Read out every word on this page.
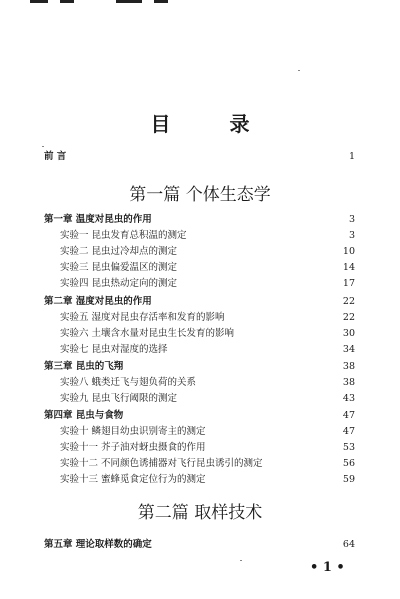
目 录
第一篇 个体生态学
第二篇 取样技术
前 言	1
第一章 温度对昆虫的作用	3
实验一 昆虫发育总积温的测定	3
实验二 昆虫过冷却点的测定	10
实验三 昆虫偏爱温区的测定	14
实验四 昆虫热动定向的测定	17
第二章 湿度对昆虫的作用	22
实验五 湿度对昆虫存活率和发育的影响	22
实验六 土壤含水量对昆虫生长发育的影响	30
实验七 昆虫对湿度的选择	34
第三章 昆虫的飞翔	38
实验八 蛾类迁飞与翅负荷的关系	38
实验九 昆虫飞行阈限的测定	43
第四章 昆虫与食物	47
实验十 鳞翅目幼虫识别寄主的测定	47
实验十一 芥子油对蚜虫摄食的作用	53
实验十二 不同颜色诱捕器对飞行昆虫诱引的测定	56
实验十三 蜜蜂觅食定位行为的测定	59
第五章 理论取样数的确定	64
• 1 •
